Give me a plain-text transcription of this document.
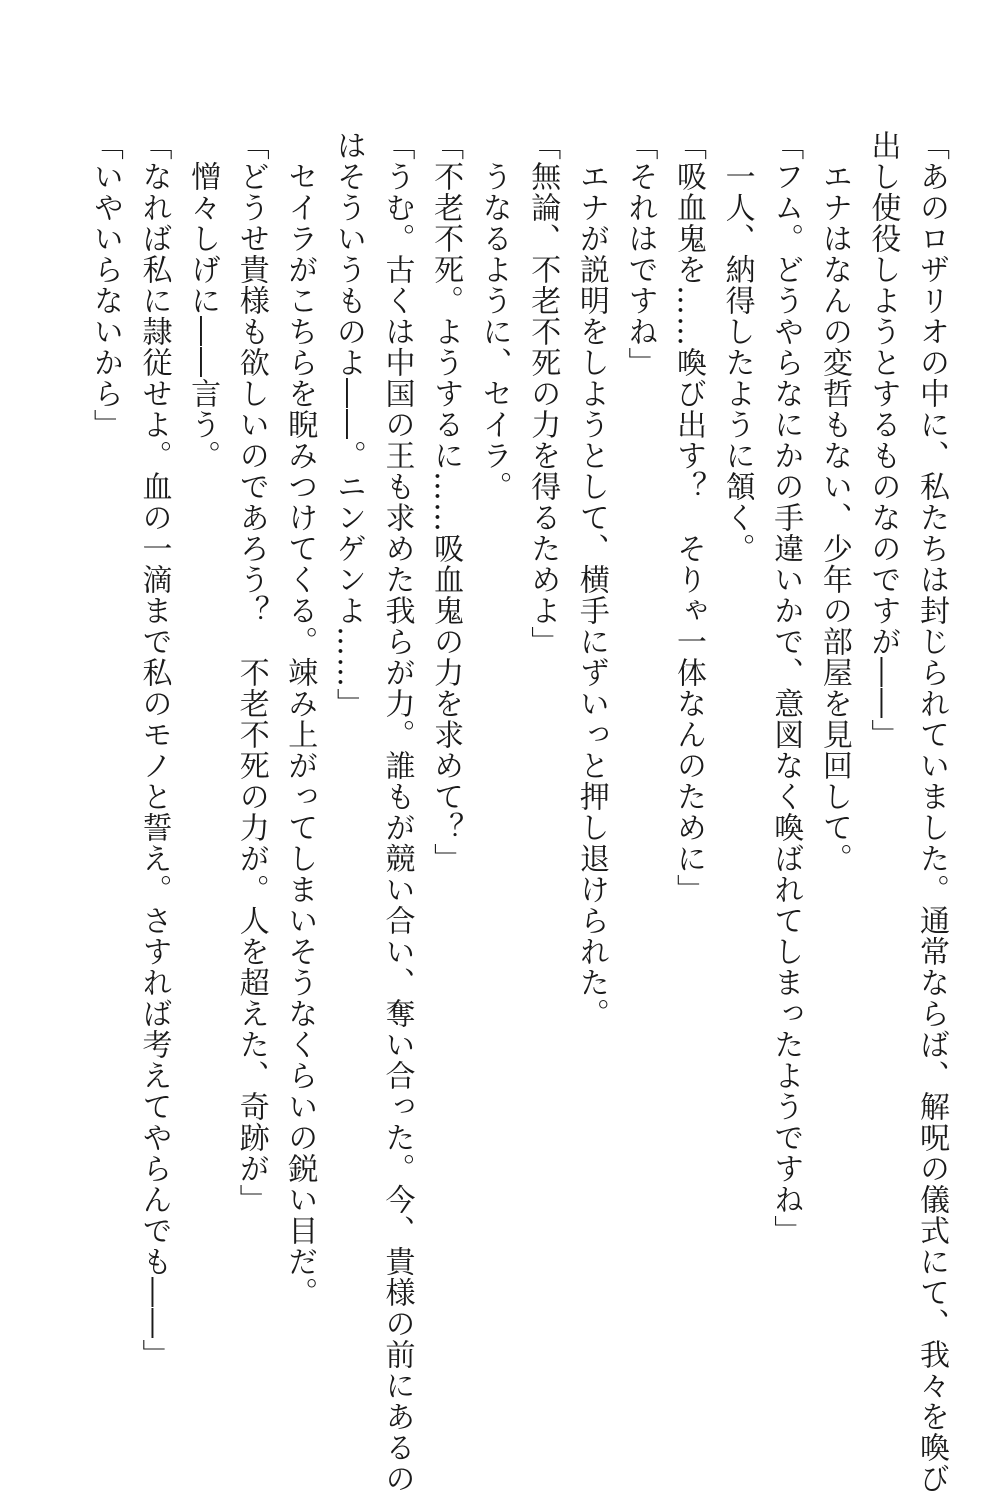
「あのロザリオの中に、私たちは封じられていました。通常ならば、解呪の儀式にて、我々を喚び
出し使役しようとするものなのですが――」
　エナはなんの変哲もない、少年の部屋を見回して。
「フム。どうやらなにかの手違いかで、意図なく喚ばれてしまったようですね」
　一人、納得したように頷く。
「吸血鬼を……喚び出す？　そりゃ一体なんのために」
「それはですね」
　エナが説明をしようとして、横手にずいっと押し退けられた。
「無論、不老不死の力を得るためよ」
　うなるように、セイラ。
「不老不死。ようするに……吸血鬼の力を求めて？」
「うむ。古くは中国の王も求めた我らが力。誰もが競い合い、奪い合った。今、貴様の前にあるの
はそういうものよ――。ニンゲンよ……」
　セイラがこちらを睨みつけてくる。竦み上がってしまいそうなくらいの鋭い目だ。
「どうせ貴様も欲しいのであろう？　不老不死の力が。人を超えた、奇跡が」
　憎々しげに――言う。
「なれば私に隷従せよ。血の一滴まで私のモノと誓え。さすれば考えてやらんでも――」
「いやいらないから」
